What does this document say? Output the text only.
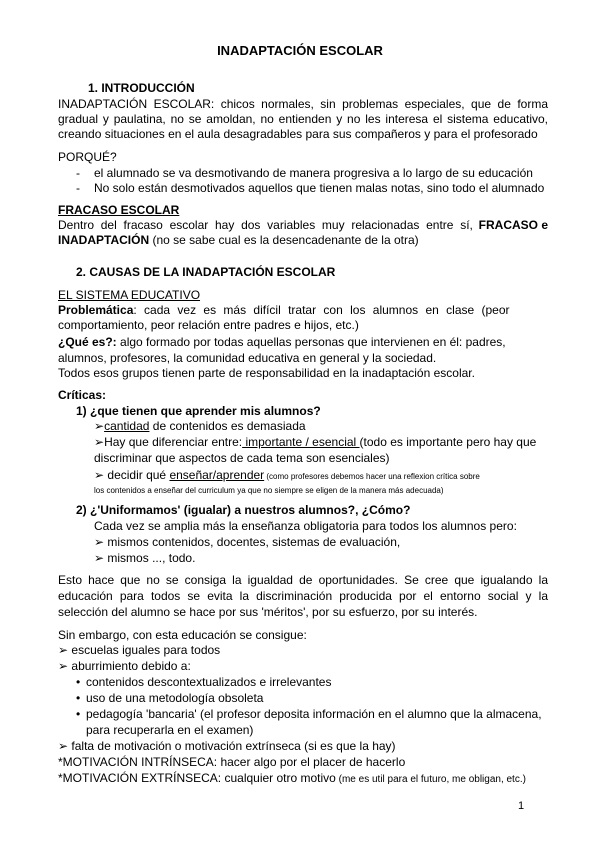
INADAPTACIÓN ESCOLAR
1. INTRODUCCIÓN
INADAPTACIÓN ESCOLAR: chicos normales, sin problemas especiales, que de forma
gradual y paulatina, no se amoldan, no entienden y no les interesa el sistema educativo,
creando situaciones en el aula desagradables para sus compañeros y para el profesorado
PORQUÉ?
- el alumnado se va desmotivando de manera progresiva a lo largo de su educación
- No solo están desmotivados aquellos que tienen malas notas, sino todo el alumnado
FRACASO ESCOLAR
Dentro del fracaso escolar hay dos variables muy relacionadas entre sí, FRACASO e
INADAPTACIÓN (no se sabe cual es la desencadenante de la otra)
2. CAUSAS DE LA INADAPTACIÓN ESCOLAR
EL SISTEMA EDUCATIVO
Problemática : cada vez es más difícil tratar con los alumnos en clase (peor
comportamiento, peor relación entre padres e hijos, etc.)
¿Qué es?: algo formado por todas aquellas personas que intervienen en él: padres,
alumnos, profesores, la comunidad educativa en general y la sociedad.
Todos esos grupos tienen parte de responsabilidad en la inadaptación escolar.
Críticas:
1) ¿que tienen que aprender mis alumnos?
➢cantidad de contenidos es demasiada
➢Hay que diferenciar entre: importante / esencial (todo es importante pero hay que
discriminar que aspectos de cada tema son esenciales)
➢ decidir qué enseñar/aprender (como profesores debemos hacer una reflexion crítica sobre
los contenidos a enseñar del curriculum ya que no siempre se eligen de la manera más adecuada)
2) ¿'Uniformamos' (igualar) a nuestros alumnos?, ¿Cómo?
Cada vez se amplia más la enseñanza obligatoria para todos los alumnos pero:
➢ mismos contenidos, docentes, sistemas de evaluación,
➢ mismos ..., todo.
Esto hace que no se consiga la igualdad de oportunidades. Se cree que igualando la
educación para todos se evita la discriminación producida por el entorno social y la
selección del alumno se hace por sus 'méritos', por su esfuerzo, por su interés.
Sin embargo, con esta educación se consigue:
➢ escuelas iguales para todos
➢ aburrimiento debido a:
• contenidos descontextualizados e irrelevantes
• uso de una metodología obsoleta
• pedagogía 'bancaria' (el profesor deposita información en el alumno que la almacena,
para recuperarla en el examen)
➢ falta de motivación o motivación extrínseca (si es que la hay)
*MOTIVACIÓN INTRÍNSECA: hacer algo por el placer de hacerlo
*MOTIVACIÓN EXTRÍNSECA: cualquier otro motivo (me es util para el futuro, me obligan, etc.)
1
